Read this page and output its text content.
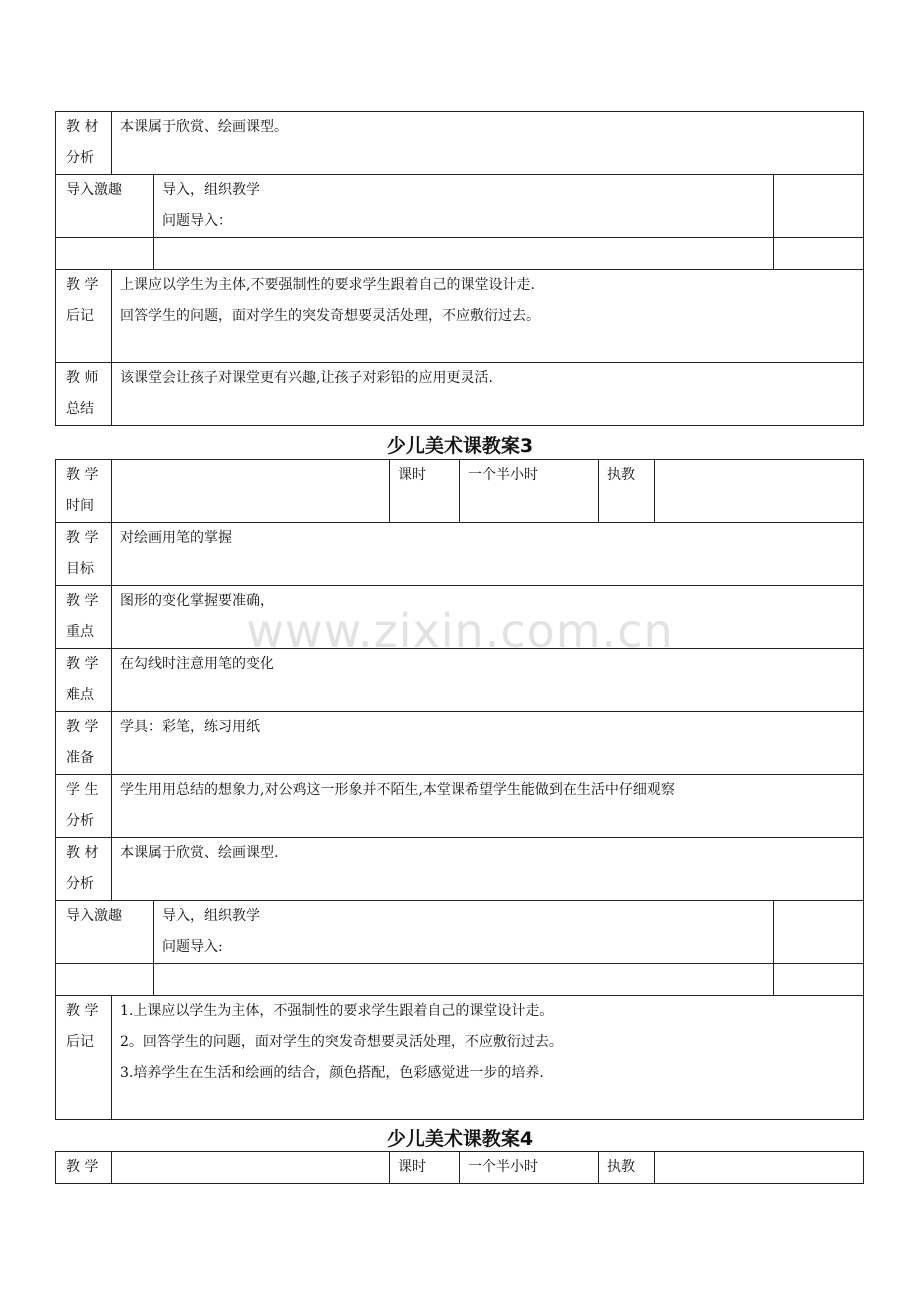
教 材
分析	本课属于欣赏、绘画课型。		

导入激趣		导入，组织教学
问题导入：	

教 学
后记	上课应以学生为主体,不要强制性的要求学生跟着自己的课堂设计走.
回答学生的问题，面对学生的突发奇想要灵活处理，不应敷衍过去。		

教 师
总结	该课堂会让孩子对课堂更有兴趣,让孩子对彩铅的应用更灵活.		
少儿美术课教案3
教 学
时间			课时	一个半小时	执教		

教 学
目标	对绘画用笔的掌握						

教 学
重点	图形的变化掌握要准确，						

教 学
难点	在勾线时注意用笔的变化						

教 学
准备	学具：彩笔，练习用纸						

学 生
分析	学生用用总结的想象力,对公鸡这一形象并不陌生,本堂课希望学生能做到在生活中仔细观察						

教 材
分析	本课属于欣赏、绘画课型.						

导入激趣		导入，组织教学
问题导入:					

教 学
后记	1.上课应以学生为主体，不强制性的要求学生跟着自己的课堂设计走。
2。回答学生的问题，面对学生的突发奇想要灵活处理，不应敷衍过去。
3.培养学生在生活和绘画的结合，颜色搭配，色彩感觉进一步的培养.						
少儿美术课教案4
教 学		课时	一个半小时	执教

www.zixin.com.cn
